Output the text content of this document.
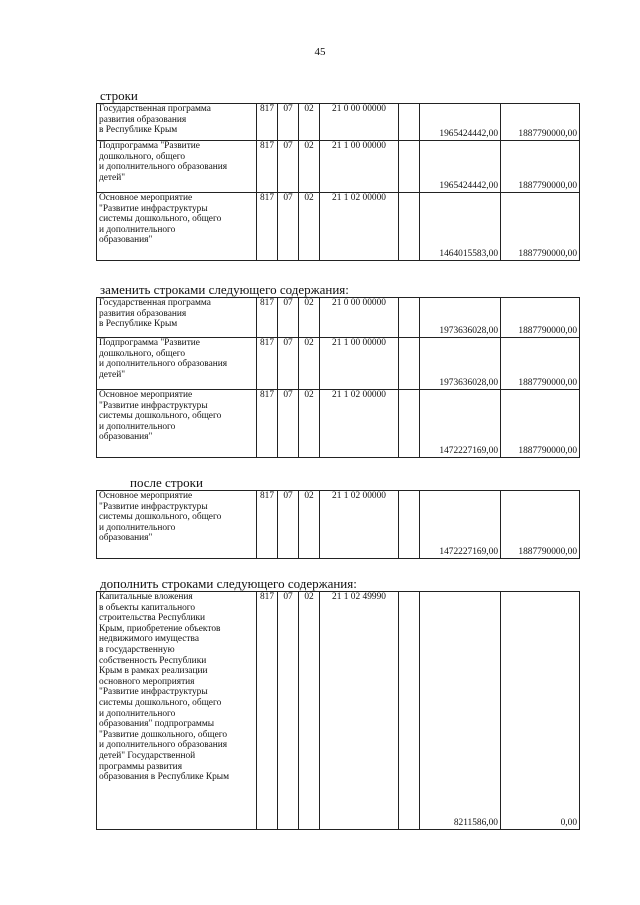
45
строки
Государственная программа
развития образования
в Республике Крым	817	07	02	21 0 00 00000		1965424442,00	1887790000,00
Подпрограмма "Развитие
дошкольного, общего
и дополнительного образования
детей"	817	07	02	21 1 00 00000		1965424442,00	1887790000,00
Основное мероприятие
"Развитие инфраструктуры
системы дошкольного, общего
и дополнительного
образования"	817	07	02	21 1 02 00000		1464015583,00	1887790000,00
заменить строками следующего содержания:
Государственная программа
развития образования
в Республике Крым	817	07	02	21 0 00 00000		1973636028,00	1887790000,00
Подпрограмма "Развитие
дошкольного, общего
и дополнительного образования
детей"	817	07	02	21 1 00 00000		1973636028,00	1887790000,00
Основное мероприятие
"Развитие инфраструктуры
системы дошкольного, общего
и дополнительного
образования"	817	07	02	21 1 02 00000		1472227169,00	1887790000,00
после строки
Основное мероприятие
"Развитие инфраструктуры
системы дошкольного, общего
и дополнительного
образования"	817	07	02	21 1 02 00000		1472227169,00	1887790000,00
дополнить строками следующего содержания:
Капитальные вложения
в объекты капитального
строительства Республики
Крым, приобретение объектов
недвижимого имущества
в государственную
собственность Республики
Крым в рамках реализации
основного мероприятия
"Развитие инфраструктуры
системы дошкольного, общего
и дополнительного
образования" подпрограммы
"Развитие дошкольного, общего
и дополнительного образования
детей" Государственной
программы развития
образования в Республике Крым	817	07	02	21 1 02 49990		8211586,00	0,00
